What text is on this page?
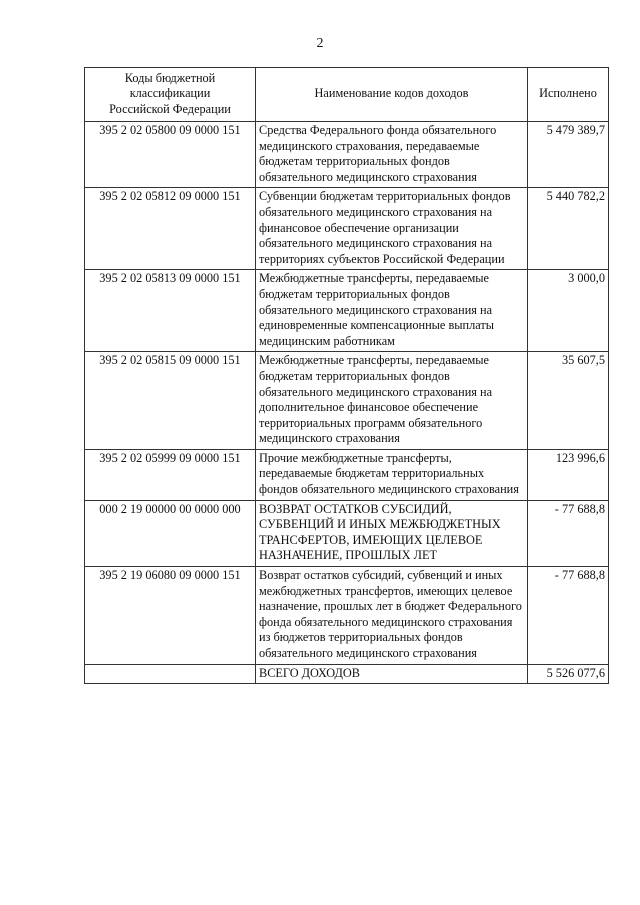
2
Коды бюджетной
классификации
Российской Федерации	Наименование кодов доходов	Исполнено
395 2 02 05800 09 0000 151	Средства Федерального фонда обязательного медицинского страхования, передаваемые бюджетам территориальных фондов обязательного медицинского страхования	5 479 389,7
395 2 02 05812 09 0000 151	Субвенции бюджетам территориальных фондов обязательного медицинского страхования на финансовое обеспечение организации обязательного медицинского страхования на территориях субъектов Российской Федерации	5 440 782,2
395 2 02 05813 09 0000 151	Межбюджетные трансферты, передаваемые бюджетам территориальных фондов обязательного медицинского страхования на единовременные компенсационные выплаты медицинским работникам	3 000,0
395 2 02 05815 09 0000 151	Межбюджетные трансферты, передаваемые бюджетам территориальных фондов обязательного медицинского страхования на дополнительное финансовое обеспечение территориальных программ обязательного медицинского страхования	35 607,5
395 2 02 05999 09 0000 151	Прочие межбюджетные трансферты, передаваемые бюджетам территориальных фондов обязательного медицинского страхования	123 996,6
000 2 19 00000 00 0000 000	ВОЗВРАТ ОСТАТКОВ СУБСИДИЙ, СУБВЕНЦИЙ И ИНЫХ МЕЖБЮДЖЕТНЫХ ТРАНСФЕРТОВ, ИМЕЮЩИХ ЦЕЛЕВОЕ НАЗНАЧЕНИЕ, ПРОШЛЫХ ЛЕТ	- 77 688,8
395 2 19 06080 09 0000 151	Возврат остатков субсидий, субвенций и иных межбюджетных трансфертов, имеющих целевое назначение, прошлых лет в бюджет Федерального фонда обязательного медицинского страхования из бюджетов территориальных фондов обязательного медицинского страхования	- 77 688,8
	ВСЕГО ДОХОДОВ	5 526 077,6
